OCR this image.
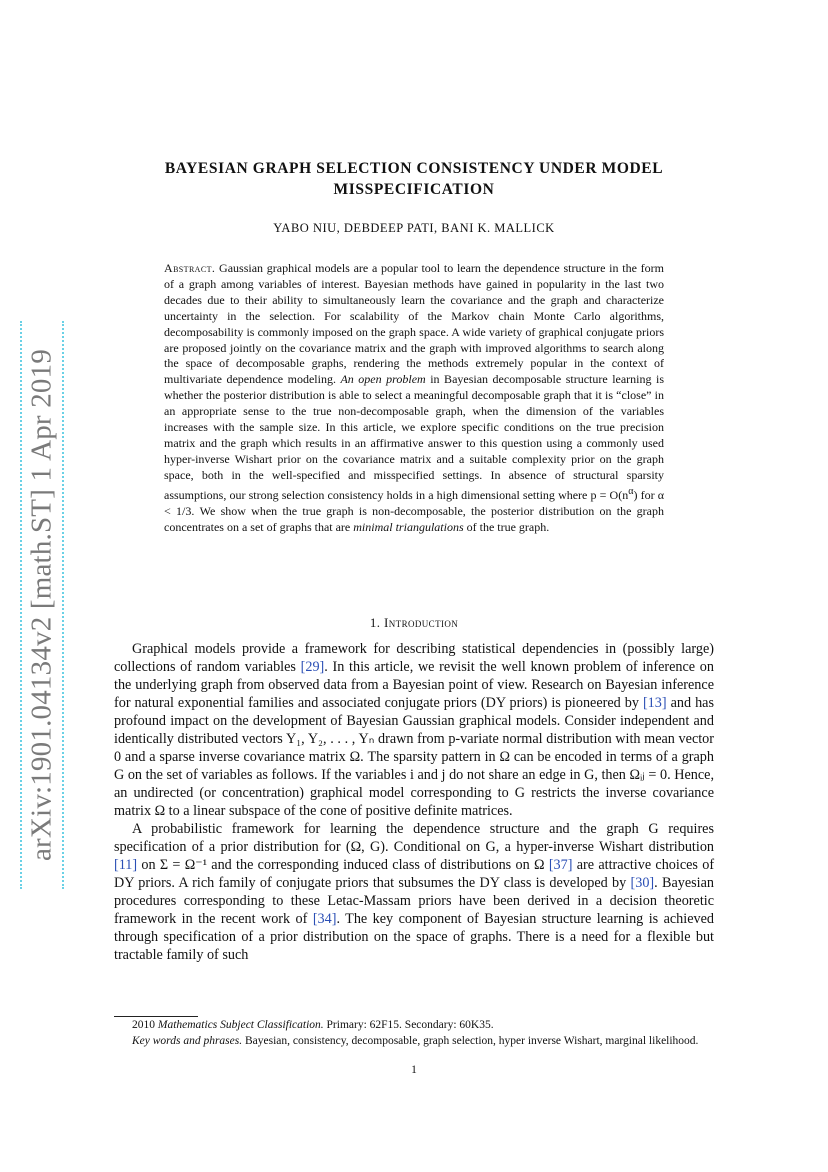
arXiv:1901.04134v2 [math.ST] 1 Apr 2019
BAYESIAN GRAPH SELECTION CONSISTENCY UNDER MODEL
MISSPECIFICATION
YABO NIU, DEBDEEP PATI, BANI K. MALLICK

Abstract. Gaussian graphical models are a popular tool to learn the dependence structure in the form of a graph among variables of interest. Bayesian methods have gained in popularity in the last two decades due to their ability to simultaneously learn the covariance and the graph and characterize uncertainty in the selection. For scalability of the Markov chain Monte Carlo algorithms, decomposability is commonly imposed on the graph space. A wide variety of graphical conjugate priors are proposed jointly on the covariance matrix and the graph with improved algorithms to search along the space of decomposable graphs, rendering the methods extremely popular in the context of multivariate dependence modeling. An open problem in Bayesian decomposable structure learning is whether the posterior distribution is able to select a meaningful decomposable graph that it is “close” in an appropriate sense to the true non-decomposable graph, when the dimension of the variables increases with the sample size. In this article, we explore specific conditions on the true precision matrix and the graph which results in an affirmative answer to this question using a commonly used hyper-inverse Wishart prior on the covariance matrix and a suitable complexity prior on the graph space, both in the well-specified and misspecified settings. In absence of structural sparsity assumptions, our strong selection consistency holds in a high dimensional setting where $p = O(n^\alpha)$ for α < 1/3. We show when the true graph is non-decomposable, the posterior distribution on the graph concentrates on a set of graphs that are minimal triangulations of the true graph.

1. Introduction

Graphical models provide a framework for describing statistical dependencies in (possibly large) collections of random variables [29]. In this article, we revisit the well known problem of inference on the underlying graph from observed data from a Bayesian point of view. Research on Bayesian inference for natural exponential families and associated conjugate priors (DY priors) is pioneered by [13] and has profound impact on the development of Bayesian Gaussian graphical models. Consider independent and identically distributed vectors Y₁, Y₂, . . . , Yₙ drawn from p-variate normal distribution with mean vector 0 and a sparse inverse covariance matrix Ω. The sparsity pattern in Ω can be encoded in terms of a graph G on the set of variables as follows. If the variables i and j do not share an edge in G, then Ωᵢⱼ = 0. Hence, an undirected (or concentration) graphical model corresponding to G restricts the inverse covariance matrix Ω to a linear subspace of the cone of positive definite matrices.

A probabilistic framework for learning the dependence structure and the graph G requires specification of a prior distribution for (Ω, G). Conditional on G, a hyper-inverse Wishart distribution [11] on Σ = Ω⁻¹ and the corresponding induced class of distributions on Ω [37] are attractive choices of DY priors. A rich family of conjugate priors that subsumes the DY class is developed by [30]. Bayesian procedures corresponding to these Letac-Massam priors have been derived in a decision theoretic framework in the recent work of [34]. The key component of Bayesian structure learning is achieved through specification of a prior distribution on the space of graphs. There is a need for a flexible but tractable family of such

2010 Mathematics Subject Classification. Primary: 62F15. Secondary: 60K35.

Key words and phrases. Bayesian, consistency, decomposable, graph selection, hyper inverse Wishart, marginal likelihood.

1
